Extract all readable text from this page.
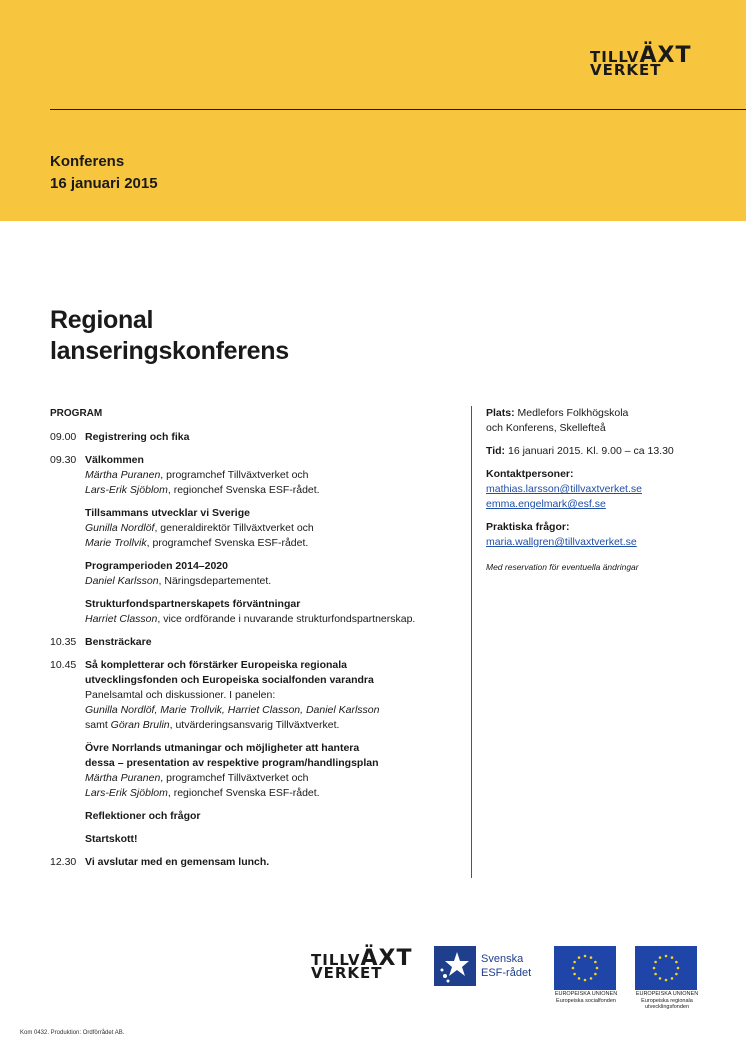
TILLVÄXT
VERKET
Konferens
16 januari 2015
Regional
lanseringskonferens
PROGRAM
09.00 Registrering och fika
09.30 Välkommen
Märtha Puranen, programchef Tillväxtverket och
Lars-Erik Sjöblom, regionchef Svenska ESF-rådet.
Tillsammans utvecklar vi Sverige
Gunilla Nordlöf, generaldirektör Tillväxtverket och
Marie Trollvik, programchef Svenska ESF-rådet.
Programperioden 2014–2020
Daniel Karlsson, Näringsdepartementet.
Strukturfondspartnerskapets förväntningar
Harriet Classon, vice ordförande i nuvarande strukturfondspartnerskap.
10.35 Bensträckare
10.45 Så kompletterar och förstärker Europeiska regionala
utvecklingsfonden och Europeiska socialfonden varandra
Panelsamtal och diskussioner. I panelen:
Gunilla Nordlöf, Marie Trollvik, Harriet Classon, Daniel Karlsson
samt Göran Brulin, utvärderingsansvarig Tillväxtverket.
Övre Norrlands utmaningar och möjligheter att hantera
dessa – presentation av respektive program/handlingsplan
Märtha Puranen, programchef Tillväxtverket och
Lars-Erik Sjöblom, regionchef Svenska ESF-rådet.
Reflektioner och frågor
Startskott!
12.30 Vi avslutar med en gemensam lunch.
Plats: Medlefors Folkhögskola
och Konferens, Skellefteå
Tid: 16 januari 2015. Kl. 9.00 – ca 13.30
Kontaktpersoner:
mathias.larsson@tillvaxtverket.se
emma.engelmark@esf.se
Praktiska frågor:
maria.wallgren@tillvaxtverket.se
Med reservation för eventuella ändringar
TILLVÄXT
VERKET
Svenska
ESF-rådet
EUROPEISKA UNIONEN
Europeiska socialfonden
EUROPEISKA UNIONEN
Europeiska regionala
utvecklingsfonden
Kom 0432. Produktion: Ordförrådet AB.
